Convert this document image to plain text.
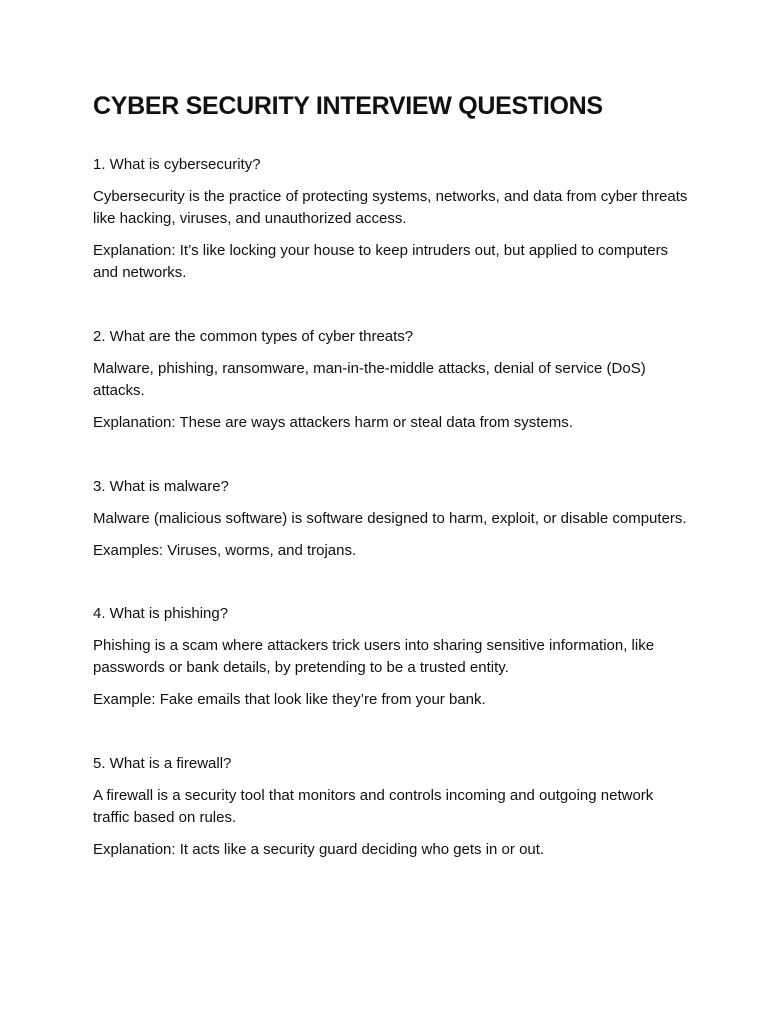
CYBER SECURITY INTERVIEW QUESTIONS

1. What is cybersecurity?

Cybersecurity is the practice of protecting systems, networks, and data from cyber threats like hacking, viruses, and unauthorized access.

Explanation: It’s like locking your house to keep intruders out, but applied to computers and networks.

2. What are the common types of cyber threats?

Malware, phishing, ransomware, man-in-the-middle attacks, denial of service (DoS) attacks.

Explanation: These are ways attackers harm or steal data from systems.

3. What is malware?

Malware (malicious software) is software designed to harm, exploit, or disable computers.

Examples: Viruses, worms, and trojans.

4. What is phishing?

Phishing is a scam where attackers trick users into sharing sensitive information, like passwords or bank details, by pretending to be a trusted entity.

Example: Fake emails that look like they’re from your bank.

5. What is a firewall?

A firewall is a security tool that monitors and controls incoming and outgoing network traffic based on rules.

Explanation: It acts like a security guard deciding who gets in or out.
